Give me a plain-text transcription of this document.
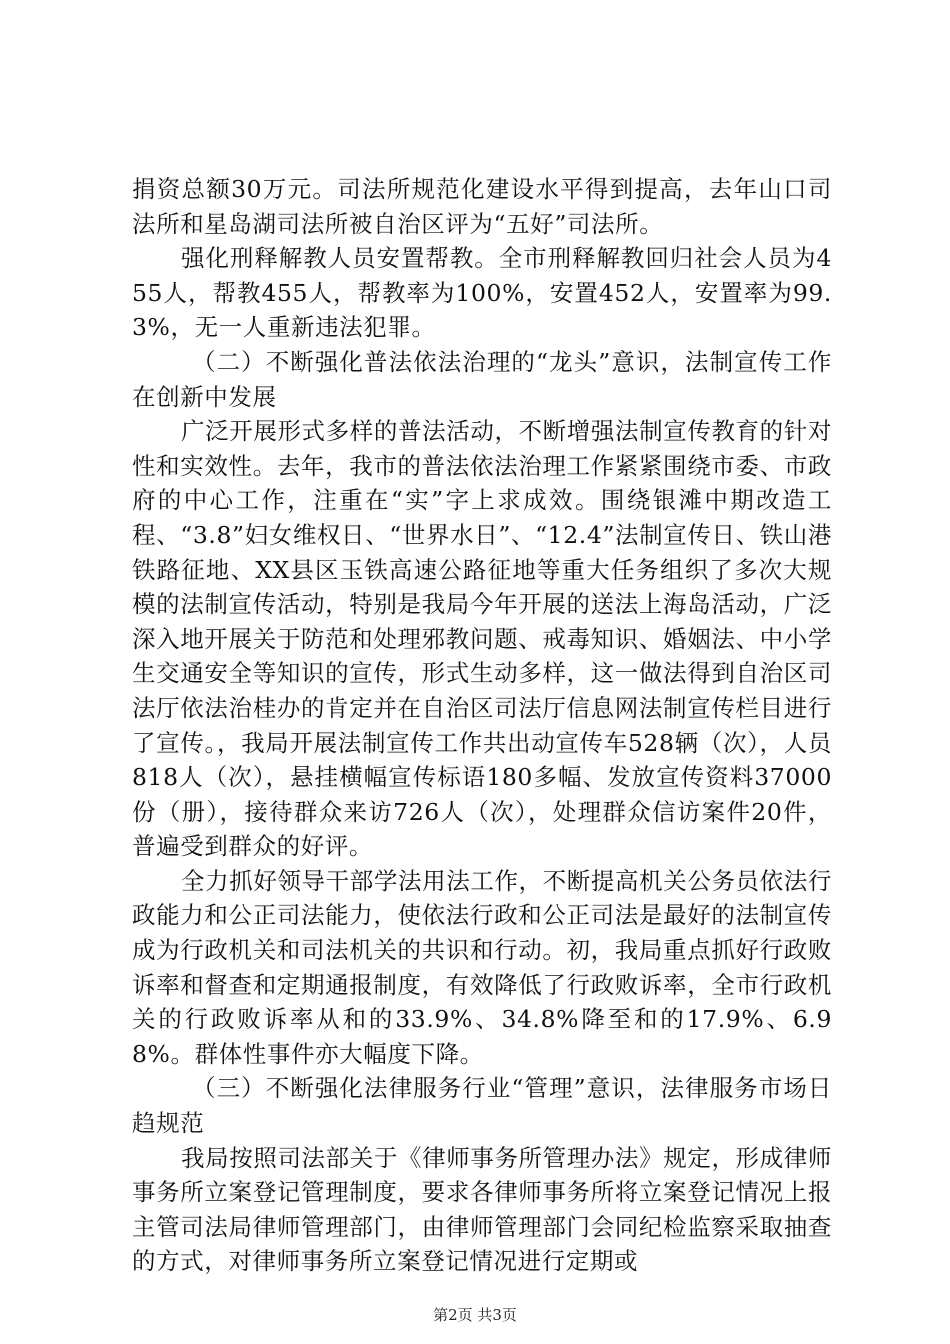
捐资总额30万元。司法所规范化建设水平得到提高，去年山口司法所和星岛湖司法所被自治区评为“五好”司法所。

强化刑释解教人员安置帮教。全市刑释解教回归社会人员为455人，帮教455人，帮教率为100%，安置452人，安置率为99.3%，无一人重新违法犯罪。

（二）不断强化普法依法治理的“龙头”意识，法制宣传工作在创新中发展

广泛开展形式多样的普法活动，不断增强法制宣传教育的针对性和实效性。去年，我市的普法依法治理工作紧紧围绕市委、市政府的中心工作，注重在“实”字上求成效。围绕银滩中期改造工程、“3.8”妇女维权日、“世界水日”、“12.4”法制宣传日、铁山港铁路征地、XX县区玉铁高速公路征地等重大任务组织了多次大规模的法制宣传活动，特别是我局今年开展的送法上海岛活动，广泛深入地开展关于防范和处理邪教问题、戒毒知识、婚姻法、中小学生交通安全等知识的宣传，形式生动多样，这一做法得到自治区司法厅依法治桂办的肯定并在自治区司法厅信息网法制宣传栏目进行了宣传。，我局开展法制宣传工作共出动宣传车528辆（次），人员818人（次），悬挂横幅宣传标语180多幅、发放宣传资料37000份（册），接待群众来访726人（次），处理群众信访案件20件，普遍受到群众的好评。

全力抓好领导干部学法用法工作，不断提高机关公务员依法行政能力和公正司法能力，使依法行政和公正司法是最好的法制宣传成为行政机关和司法机关的共识和行动。初，我局重点抓好行政败诉率和督查和定期通报制度，有效降低了行政败诉率，全市行政机关的行政败诉率从和的33.9%、34.8%降至和的17.9%、6.98%。群体性事件亦大幅度下降。

（三）不断强化法律服务行业“管理”意识，法律服务市场日趋规范

我局按照司法部关于《律师事务所管理办法》规定，形成律师事务所立案登记管理制度，要求各律师事务所将立案登记情况上报主管司法局律师管理部门，由律师管理部门会同纪检监察采取抽查的方式，对律师事务所立案登记情况进行定期或

第2页 共3页
